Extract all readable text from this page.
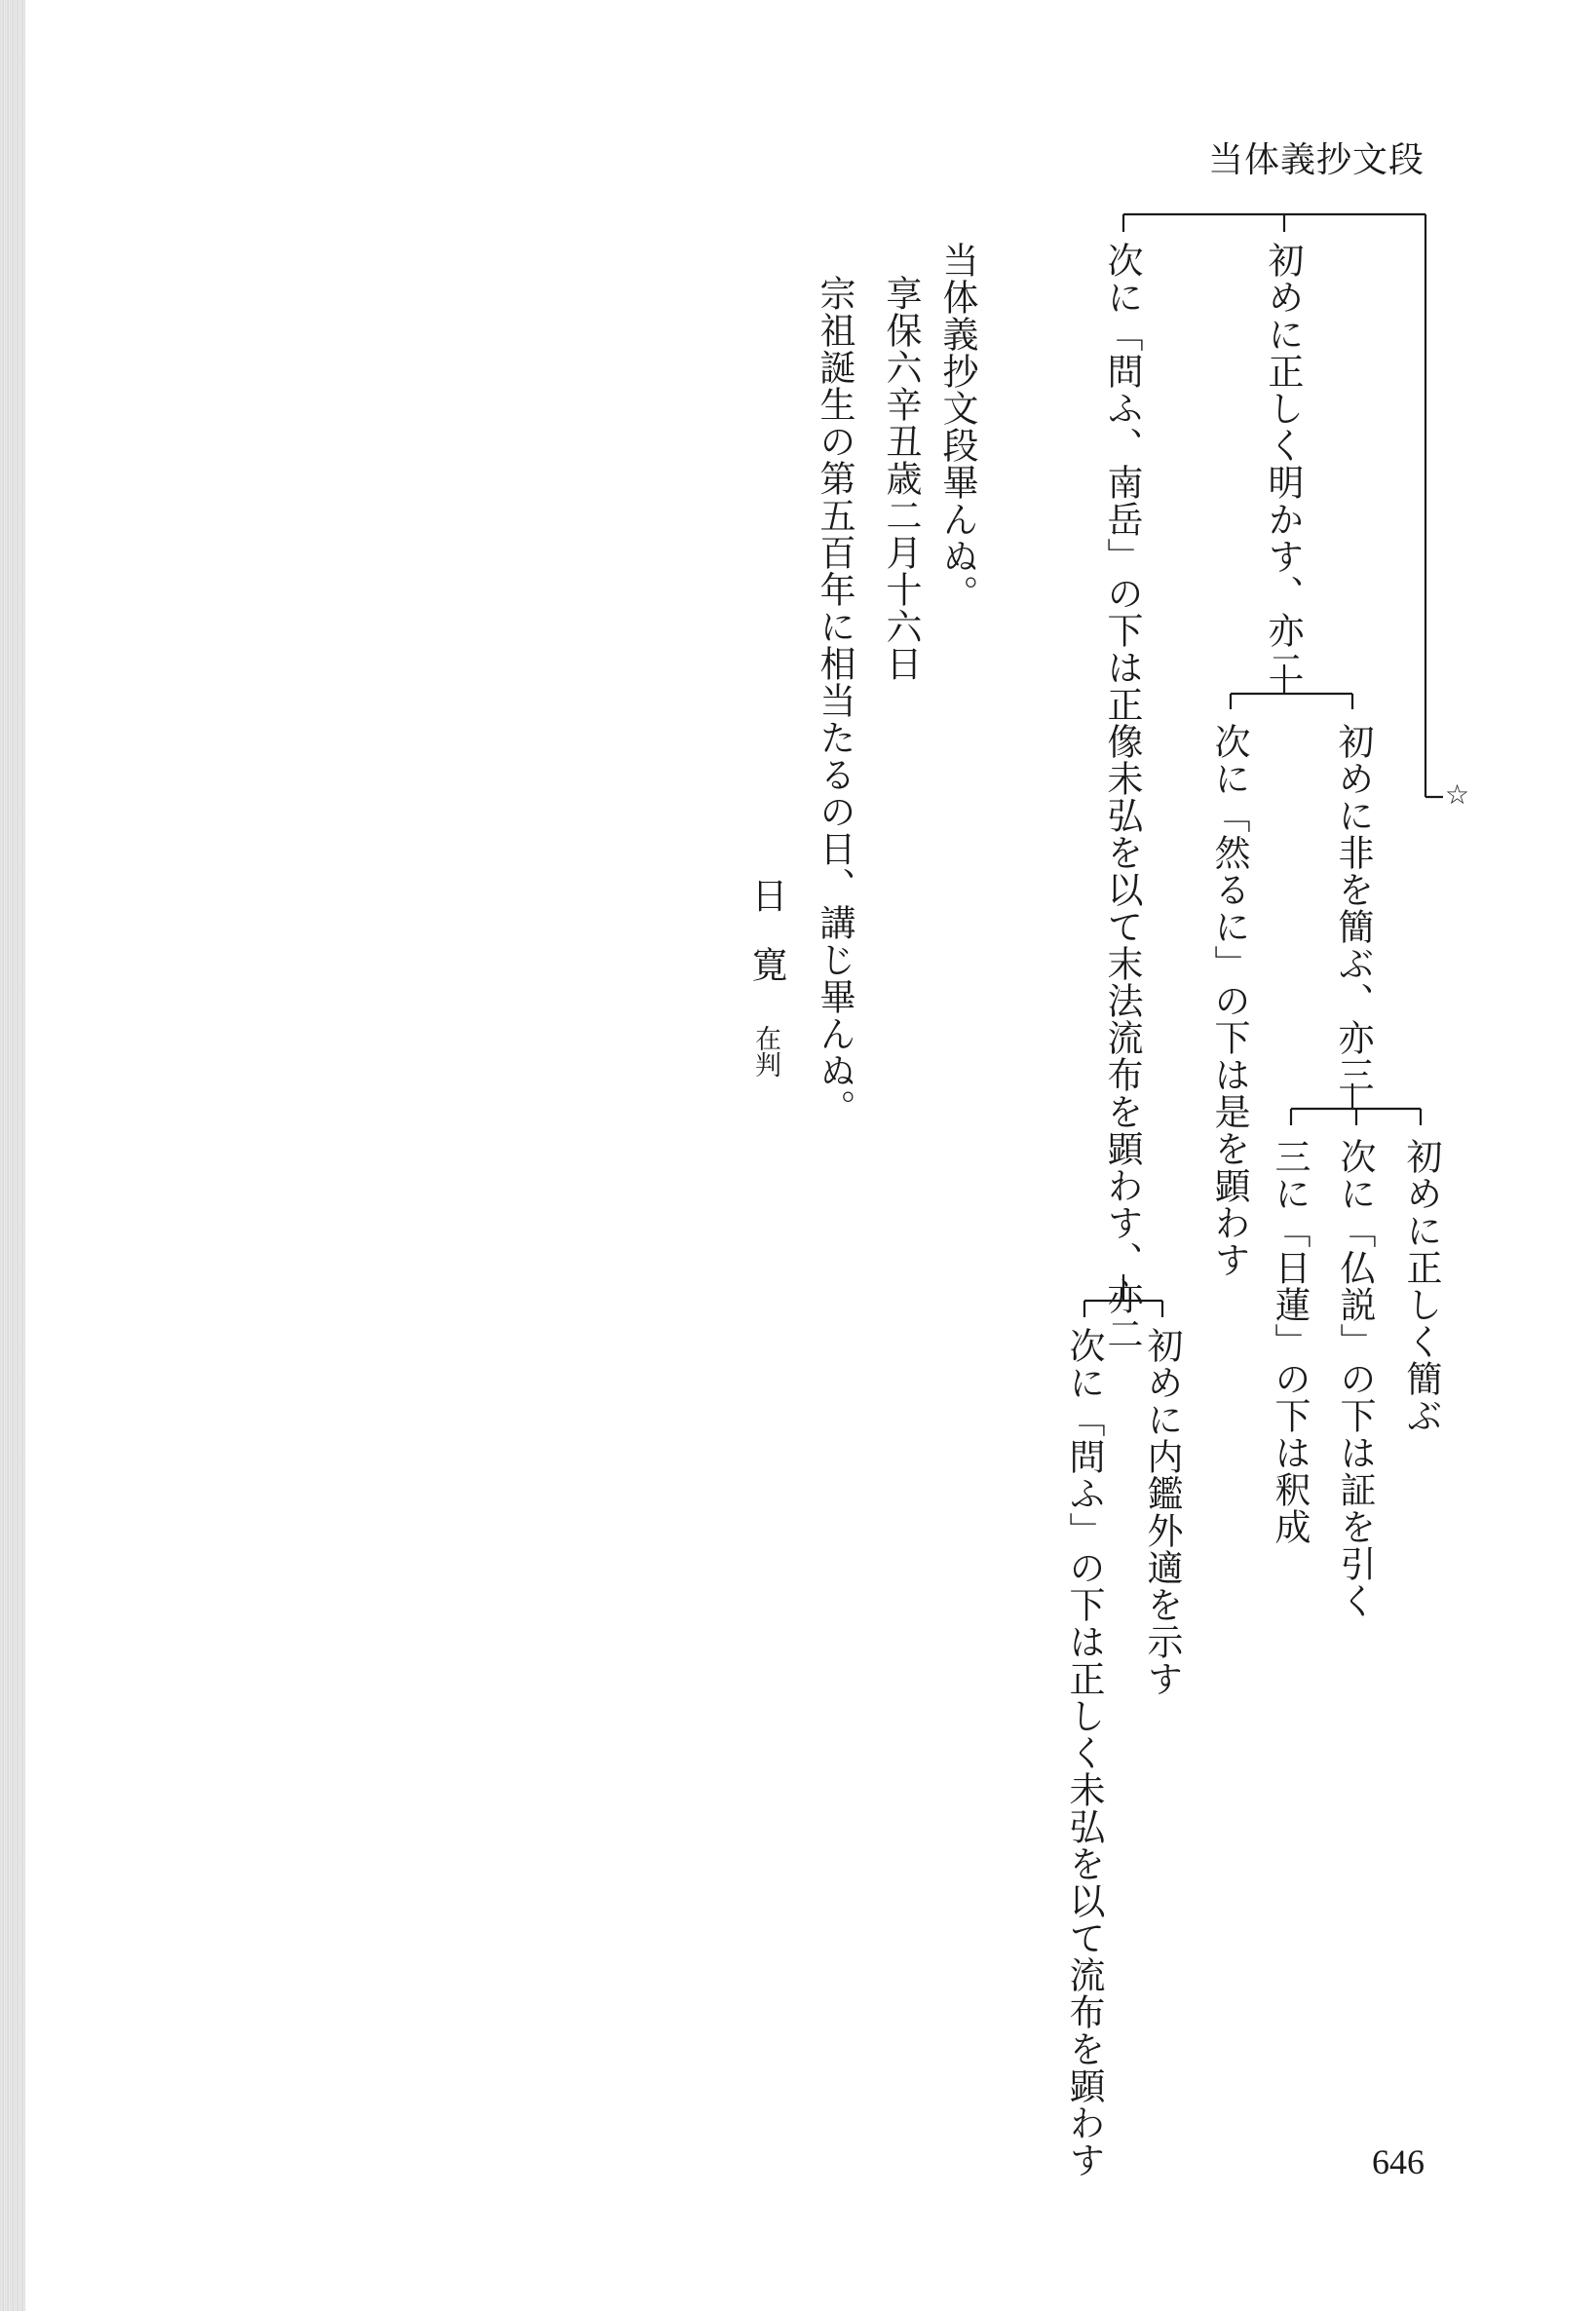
当体義抄文段
初めに正しく明かす、亦二
初めに非を簡ぶ、亦三
初めに正しく簡ぶ
次に「仏説」の下は証を引く
三に「日蓮」の下は釈成
次に「然るに」の下は是を顕わす
次に「問ふ、南岳」の下は正像未弘を以て末法流布を顕わす、亦二
初めに内鑑外適を示す
次に「問ふ」の下は正しく未弘を以て流布を顕わす
☆
当体義抄文段畢んぬ。
享保六辛丑歳二月十六日
宗祖誕生の第五百年に相当たるの日、講じ畢んぬ。
日寛
在判
646
